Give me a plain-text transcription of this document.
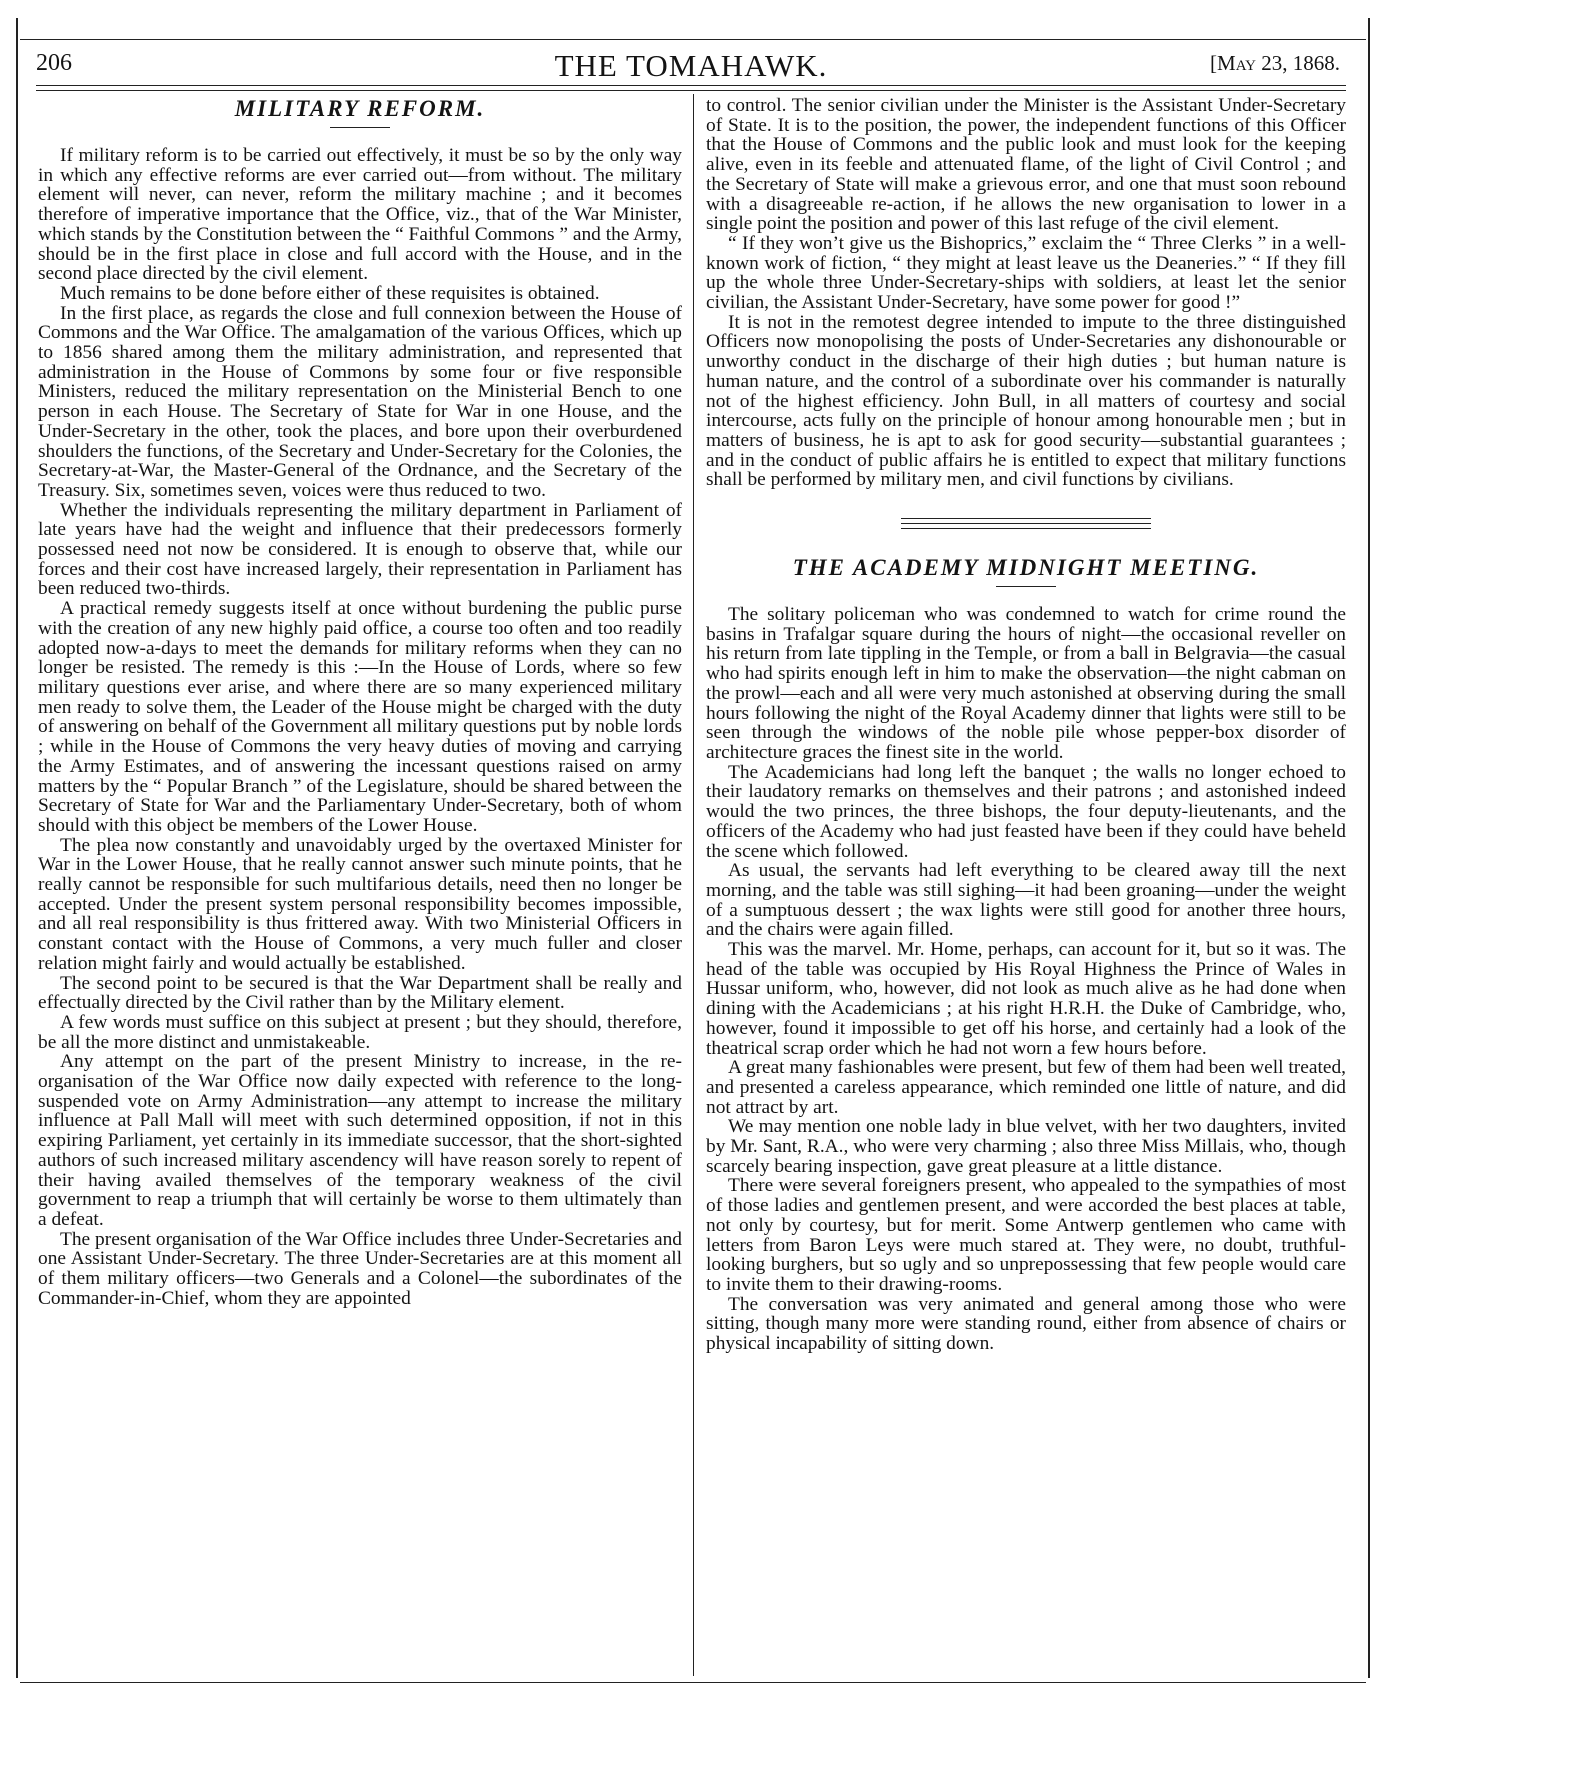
206	THE TOMAHAWK.	[May 23, 1868.
MILITARY REFORM.

If military reform is to be carried out effectively, it must be so by the only way in which any effective reforms are ever carried out—from without. The military element will never, can never, reform the military machine ; and it becomes therefore of imperative importance that the Office, viz., that of the War Minister, which stands by the Constitution between the “ Faithful Commons ” and the Army, should be in the first place in close and full accord with the House, and in the second place directed by the civil element.

Much remains to be done before either of these requisites is obtained.

In the first place, as regards the close and full connexion between the House of Commons and the War Office. The amalgamation of the various Offices, which up to 1856 shared among them the military administration, and represented that administration in the House of Commons by some four or five responsible Ministers, reduced the military representation on the Ministerial Bench to one person in each House. The Secretary of State for War in one House, and the Under-Secretary in the other, took the places, and bore upon their overburdened shoulders the functions, of the Secretary and Under-Secretary for the Colonies, the Secretary-at-War, the Master-General of the Ordnance, and the Secretary of the Treasury. Six, sometimes seven, voices were thus reduced to two.

Whether the individuals representing the military department in Parliament of late years have had the weight and influence that their predecessors formerly possessed need not now be considered. It is enough to observe that, while our forces and their cost have increased largely, their representation in Parliament has been reduced two-thirds.

A practical remedy suggests itself at once without burdening the public purse with the creation of any new highly paid office, a course too often and too readily adopted now-a-days to meet the demands for military reforms when they can no longer be resisted. The remedy is this :—In the House of Lords, where so few military questions ever arise, and where there are so many experienced military men ready to solve them, the Leader of the House might be charged with the duty of answering on behalf of the Government all military questions put by noble lords ; while in the House of Commons the very heavy duties of moving and carrying the Army Estimates, and of answering the incessant questions raised on army matters by the “ Popular Branch ” of the Legislature, should be shared between the Secretary of State for War and the Parliamentary Under-Secretary, both of whom should with this object be members of the Lower House.

The plea now constantly and unavoidably urged by the overtaxed Minister for War in the Lower House, that he really cannot answer such minute points, that he really cannot be responsible for such multifarious details, need then no longer be accepted. Under the present system personal responsibility becomes impossible, and all real responsibility is thus frittered away. With two Ministerial Officers in constant contact with the House of Commons, a very much fuller and closer relation might fairly and would actually be established.

The second point to be secured is that the War Department shall be really and effectually directed by the Civil rather than by the Military element.

A few words must suffice on this subject at present ; but they should, therefore, be all the more distinct and unmistakeable.

Any attempt on the part of the present Ministry to increase, in the re-organisation of the War Office now daily expected with reference to the long-suspended vote on Army Administration—any attempt to increase the military influence at Pall Mall will meet with such determined opposition, if not in this expiring Parliament, yet certainly in its immediate successor, that the short-sighted authors of such increased military ascendency will have reason sorely to repent of their having availed themselves of the temporary weakness of the civil government to reap a triumph that will certainly be worse to them ultimately than a defeat.

The present organisation of the War Office includes three Under-Secretaries and one Assistant Under-Secretary. The three Under-Secretaries are at this moment all of them military officers—two Generals and a Colonel—the subordinates of the Commander-in-Chief, whom they are appointed

to control. The senior civilian under the Minister is the Assistant Under-Secretary of State. It is to the position, the power, the independent functions of this Officer that the House of Commons and the public look and must look for the keeping alive, even in its feeble and attenuated flame, of the light of Civil Control ; and the Secretary of State will make a grievous error, and one that must soon rebound with a disagreeable re-action, if he allows the new organisation to lower in a single point the position and power of this last refuge of the civil element.

“ If they won’t give us the Bishoprics,” exclaim the “ Three Clerks ” in a well-known work of fiction, “ they might at least leave us the Deaneries.” “ If they fill up the whole three Under-Secretary-ships with soldiers, at least let the senior civilian, the Assistant Under-Secretary, have some power for good !”

It is not in the remotest degree intended to impute to the three distinguished Officers now monopolising the posts of Under-Secretaries any dishonourable or unworthy conduct in the discharge of their high duties ; but human nature is human nature, and the control of a subordinate over his commander is naturally not of the highest efficiency. John Bull, in all matters of courtesy and social intercourse, acts fully on the principle of honour among honourable men ; but in matters of business, he is apt to ask for good security—substantial guarantees ; and in the conduct of public affairs he is entitled to expect that military functions shall be performed by military men, and civil functions by civilians.

THE ACADEMY MIDNIGHT MEETING.

The solitary policeman who was condemned to watch for crime round the basins in Trafalgar square during the hours of night—the occasional reveller on his return from late tippling in the Temple, or from a ball in Belgravia—the casual who had spirits enough left in him to make the observation—the night cabman on the prowl—each and all were very much astonished at observing during the small hours following the night of the Royal Academy dinner that lights were still to be seen through the windows of the noble pile whose pepper-box disorder of architecture graces the finest site in the world.

The Academicians had long left the banquet ; the walls no longer echoed to their laudatory remarks on themselves and their patrons ; and astonished indeed would the two princes, the three bishops, the four deputy-lieutenants, and the officers of the Academy who had just feasted have been if they could have beheld the scene which followed.

As usual, the servants had left everything to be cleared away till the next morning, and the table was still sighing—it had been groaning—under the weight of a sumptuous dessert ; the wax lights were still good for another three hours, and the chairs were again filled.

This was the marvel. Mr. Home, perhaps, can account for it, but so it was. The head of the table was occupied by His Royal Highness the Prince of Wales in Hussar uniform, who, however, did not look as much alive as he had done when dining with the Academicians ; at his right H.R.H. the Duke of Cambridge, who, however, found it impossible to get off his horse, and certainly had a look of the theatrical scrap order which he had not worn a few hours before.

A great many fashionables were present, but few of them had been well treated, and presented a careless appearance, which reminded one little of nature, and did not attract by art.

We may mention one noble lady in blue velvet, with her two daughters, invited by Mr. Sant, R.A., who were very charming ; also three Miss Millais, who, though scarcely bearing inspection, gave great pleasure at a little distance.

There were several foreigners present, who appealed to the sympathies of most of those ladies and gentlemen present, and were accorded the best places at table, not only by courtesy, but for merit. Some Antwerp gentlemen who came with letters from Baron Leys were much stared at. They were, no doubt, truthful-looking burghers, but so ugly and so unprepossessing that few people would care to invite them to their drawing-rooms.

The conversation was very animated and general among those who were sitting, though many more were standing round, either from absence of chairs or physical incapability of sitting down.
